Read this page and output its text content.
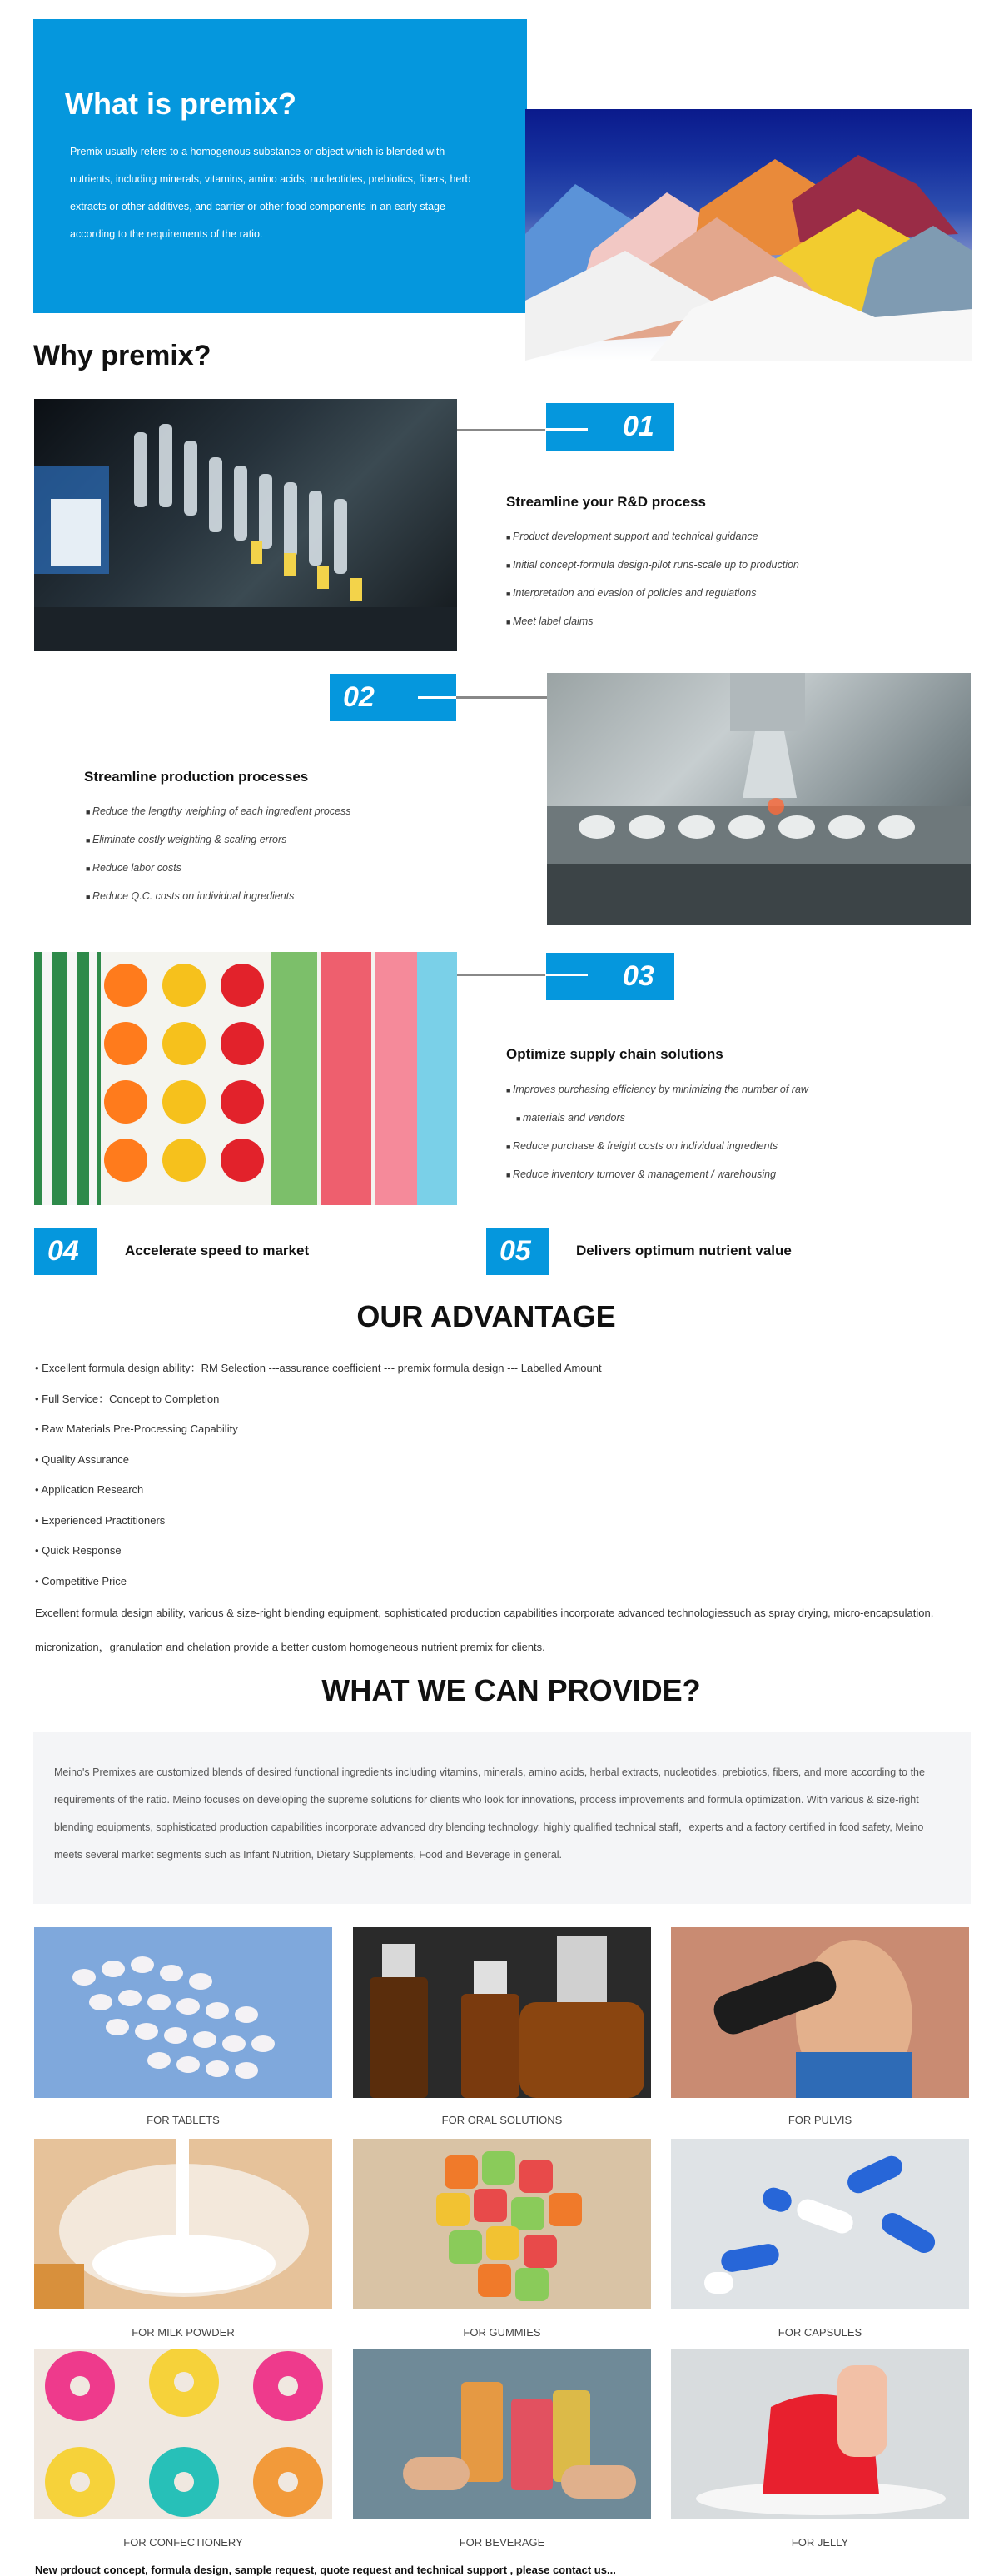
What is premix?

Premix usually refers to a homogenous substance or object which is blended with nutrients, including minerals, vitamins, amino acids, nucleotides, prebiotics, fibers, herb extracts or other additives, and carrier or other food components in an early stage according to the requirements of the ratio.

Why premix?
01
Streamline your R&D process
■ Product development support and technical guidance
■ Initial concept-formula design-pilot runs-scale up to production
■ Interpretation and evasion of policies and regulations
■ Meet label claims
02
Streamline production processes
■ Reduce the lengthy weighing of each ingredient process
■ Eliminate costly weighting & scaling errors
■ Reduce labor costs
■ Reduce Q.C. costs on individual ingredients
03
Optimize supply chain solutions
■ Improves purchasing efficiency by minimizing the number of raw
■ materials and vendors
■ Reduce purchase & freight costs on individual ingredients
■ Reduce inventory turnover & management / warehousing
04	Accelerate speed to market	05	Delivers optimum nutrient value
OUR ADVANTAGE
• Excellent formula design ability：RM Selection ---assurance coefficient --- premix formula design --- Labelled Amount
• Full Service：Concept to Completion
• Raw Materials Pre-Processing Capability
• Quality Assurance
• Application Research
• Experienced Practitioners
• Quick Response
• Competitive Price

Excellent formula design ability, various & size-right blending equipment, sophisticated production capabilities incorporate advanced technologiessuch as spray drying, micro-encapsulation, micronization，granulation and chelation provide a better custom homogeneous nutrient premix for clients.

WHAT WE CAN PROVIDE?

Meino's Premixes are customized blends of desired functional ingredients including vitamins, minerals, amino acids, herbal extracts, nucleotides, prebiotics, fibers, and more according to the requirements of the ratio. Meino focuses on developing the supreme solutions for clients who look for innovations, process improvements and formula optimization. With various & size-right blending equipments, sophisticated production capabilities incorporate advanced dry blending technology, highly qualified technical staff，experts and a factory certified in food safety, Meino meets several market segments such as Infant Nutrition, Dietary Supplements, Food and Beverage in general.

FOR TABLETS	FOR ORAL SOLUTIONS	FOR PULVIS
FOR MILK POWDER	FOR GUMMIES	FOR CAPSULES
FOR CONFECTIONERY	FOR BEVERAGE	FOR JELLY

New prdouct concept, formula design, sample request, quote request and technical support , please contact us...
